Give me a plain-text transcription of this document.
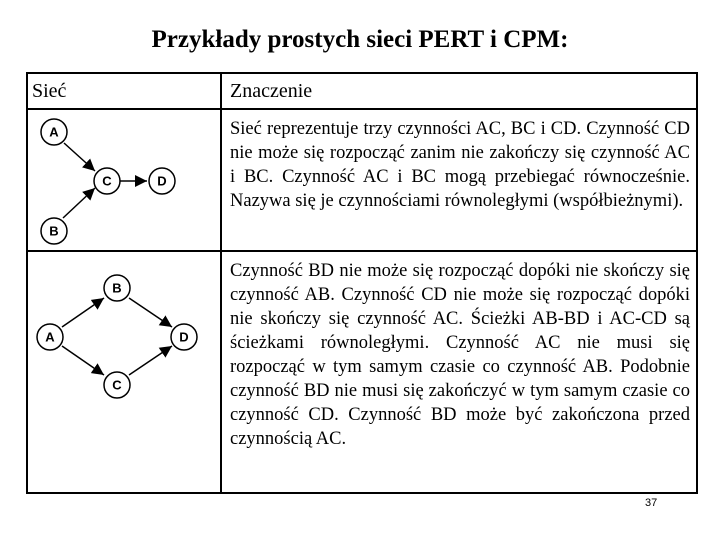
Przykłady prostych sieci PERT i CPM:
Sieć	Znaczenie
A
B
C	D
Sieć reprezentuje trzy czynności AC, BC i CD. Czynność CD nie może się rozpocząć zanim nie zakończy się czynność AC i BC. Czynność AC i BC mogą przebiegać równocześnie. Nazywa się je czynnościami równoległymi (współbieżnymi).
A
B
C
D
Czynność BD nie może się rozpocząć dopóki nie skończy się czynność AB. Czynność CD nie może się rozpocząć dopóki nie skończy się czynność AC. Ścieżki AB-BD i AC-CD są ścieżkami równoległymi. Czynność AC nie musi się rozpocząć w tym samym czasie co czynność AB. Podobnie czynność BD nie musi się zakończyć w tym samym czasie co czynność CD. Czynność BD może być zakończona przed czynnością AC.
37
